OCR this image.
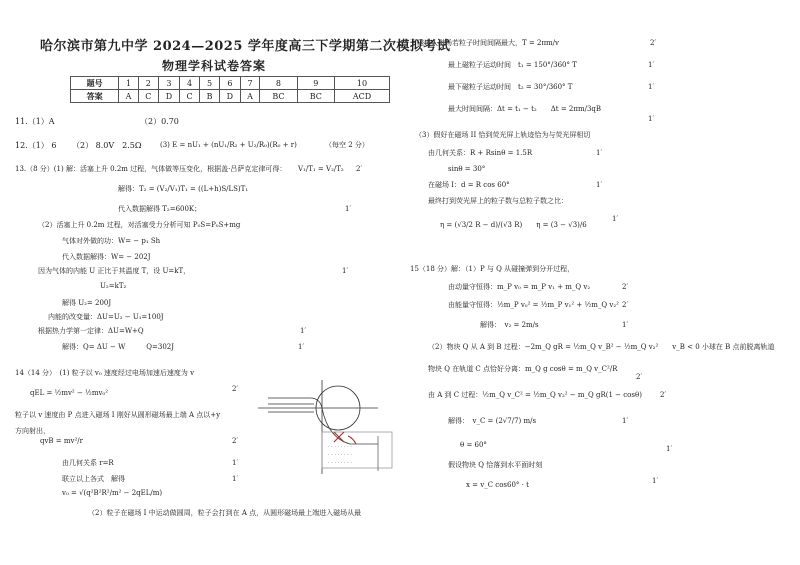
哈尔滨市第九中学 2024—2025 学年度高三下学期第二次模拟考试
物理学科试卷答案
题号	1	2	3	4	5	6	7	8	9	10
答案	A	C	D	C	B	D	A	BC	BC	ACD
11.（1）A	（2）0.70
12.（1） 6 （2） 8.0V　2.5Ω	(3) E = nU₁ + (nU₁/R₂ + U₂/R₀)(R₀ + r)	（每空 2 分）
13.（8 分）(1) 解：活塞上升 0.2m 过程，气体做等压变化，根据盖·吕萨克定律可得： V₁/T₁ = V₂/T₂ 2′
解得：T₂ = (V₂/V₁)T₁ = ((L+h)S/LS)T₁
代入数据解得 T₂=600K；	1′
（2）活塞上升 0.2m 过程，对活塞受力分析可知 P₀S=P₀S+mg
气体对外做的功：W= − p₁ Sh
代入数据解得：W= − 202J
因为气体的内能 U 正比于其温度 T，设 U=kT，	1′
U₂=kT₂
解得 U₂= 200J
内能的改变量：ΔU=U₂ − U₁=100J
根据热力学第一定律：ΔU=W+Q	1′
解得：Q= ΔU − W　　　Q=302J	1′
14（14 分）　(1) 粒子以 v₀ 速度经过电场加速后速度为 v
qEL = ½mv² − ½mv₀²	2′
粒子以 v 速度由 P 点进入磁场 I 刚好从圆形磁场最上端 A 点以+y
方向射出，
qvB = mv²/r	2′
由几何关系 r=R	1′
联立以上各式　解得
v₀ = √(q²B²R²/m² − 2qEL/m)
1′
（2）粒子在磁场 I 中运动做圆周，粒子会打到在 A 点，从圆形磁场最上端进入磁场从最
· · · · · · · ·
· · · · · · · ·
· · · · · · · ·
下磁进入磁场若粒子时间间隔最大，T = 2πm/v	2′
最上磁粒子运动时间　t₁ = 150°/360° T	1′
最下磁粒子运动时间　t₂ = 30°/360° T	1′
最大时间间隔：Δt = t₁ − t₂　　Δt = 2πm/3qB
1′
（3）假好在磁场 II 恰到荧光屏上轨迹恰为与荧光屏相切
由几何关系：R + Rsinθ = 1.5R	1′
sinθ = 30°
在磁场 I：d = R cos 60°	1′
最终打到荧光屏上的粒子数与总粒子数之比：
η = (√3/2 R − d)/(√3 R)　　η = (3 − √3)/6
1′
15（18 分）解：（1）P 与 Q 从碰撞弹到分开过程，
由动量守恒得：m_P v₀ = m_P v₁ + m_Q v₂	2′
由能量守恒得：½m_P v₀² = ½m_P v₁² + ½m_Q v₂² 2′
解得：　v₂ = 2m/s	1′
（2）物块 Q 从 A 到 B 过程：−2m_Q gR = ½m_Q v_B² − ½m_Q v₂²　　v_B < 0 小球在 B 点前脱离轨道
物块 Q 在轨道 C 点恰好分离：m_Q g cosθ = m_Q v_C²/R
2′
由 A 到 C 过程：½m_Q v_C² = ½m_Q v₂² − m_Q gR(1 − cosθ)	2′
解得：　v_C = (2√7/7) m/s	1′
θ = 60°	1′
假设物块 Q 恰落到水平面时刻
x = v_C cos60° · t	1′
